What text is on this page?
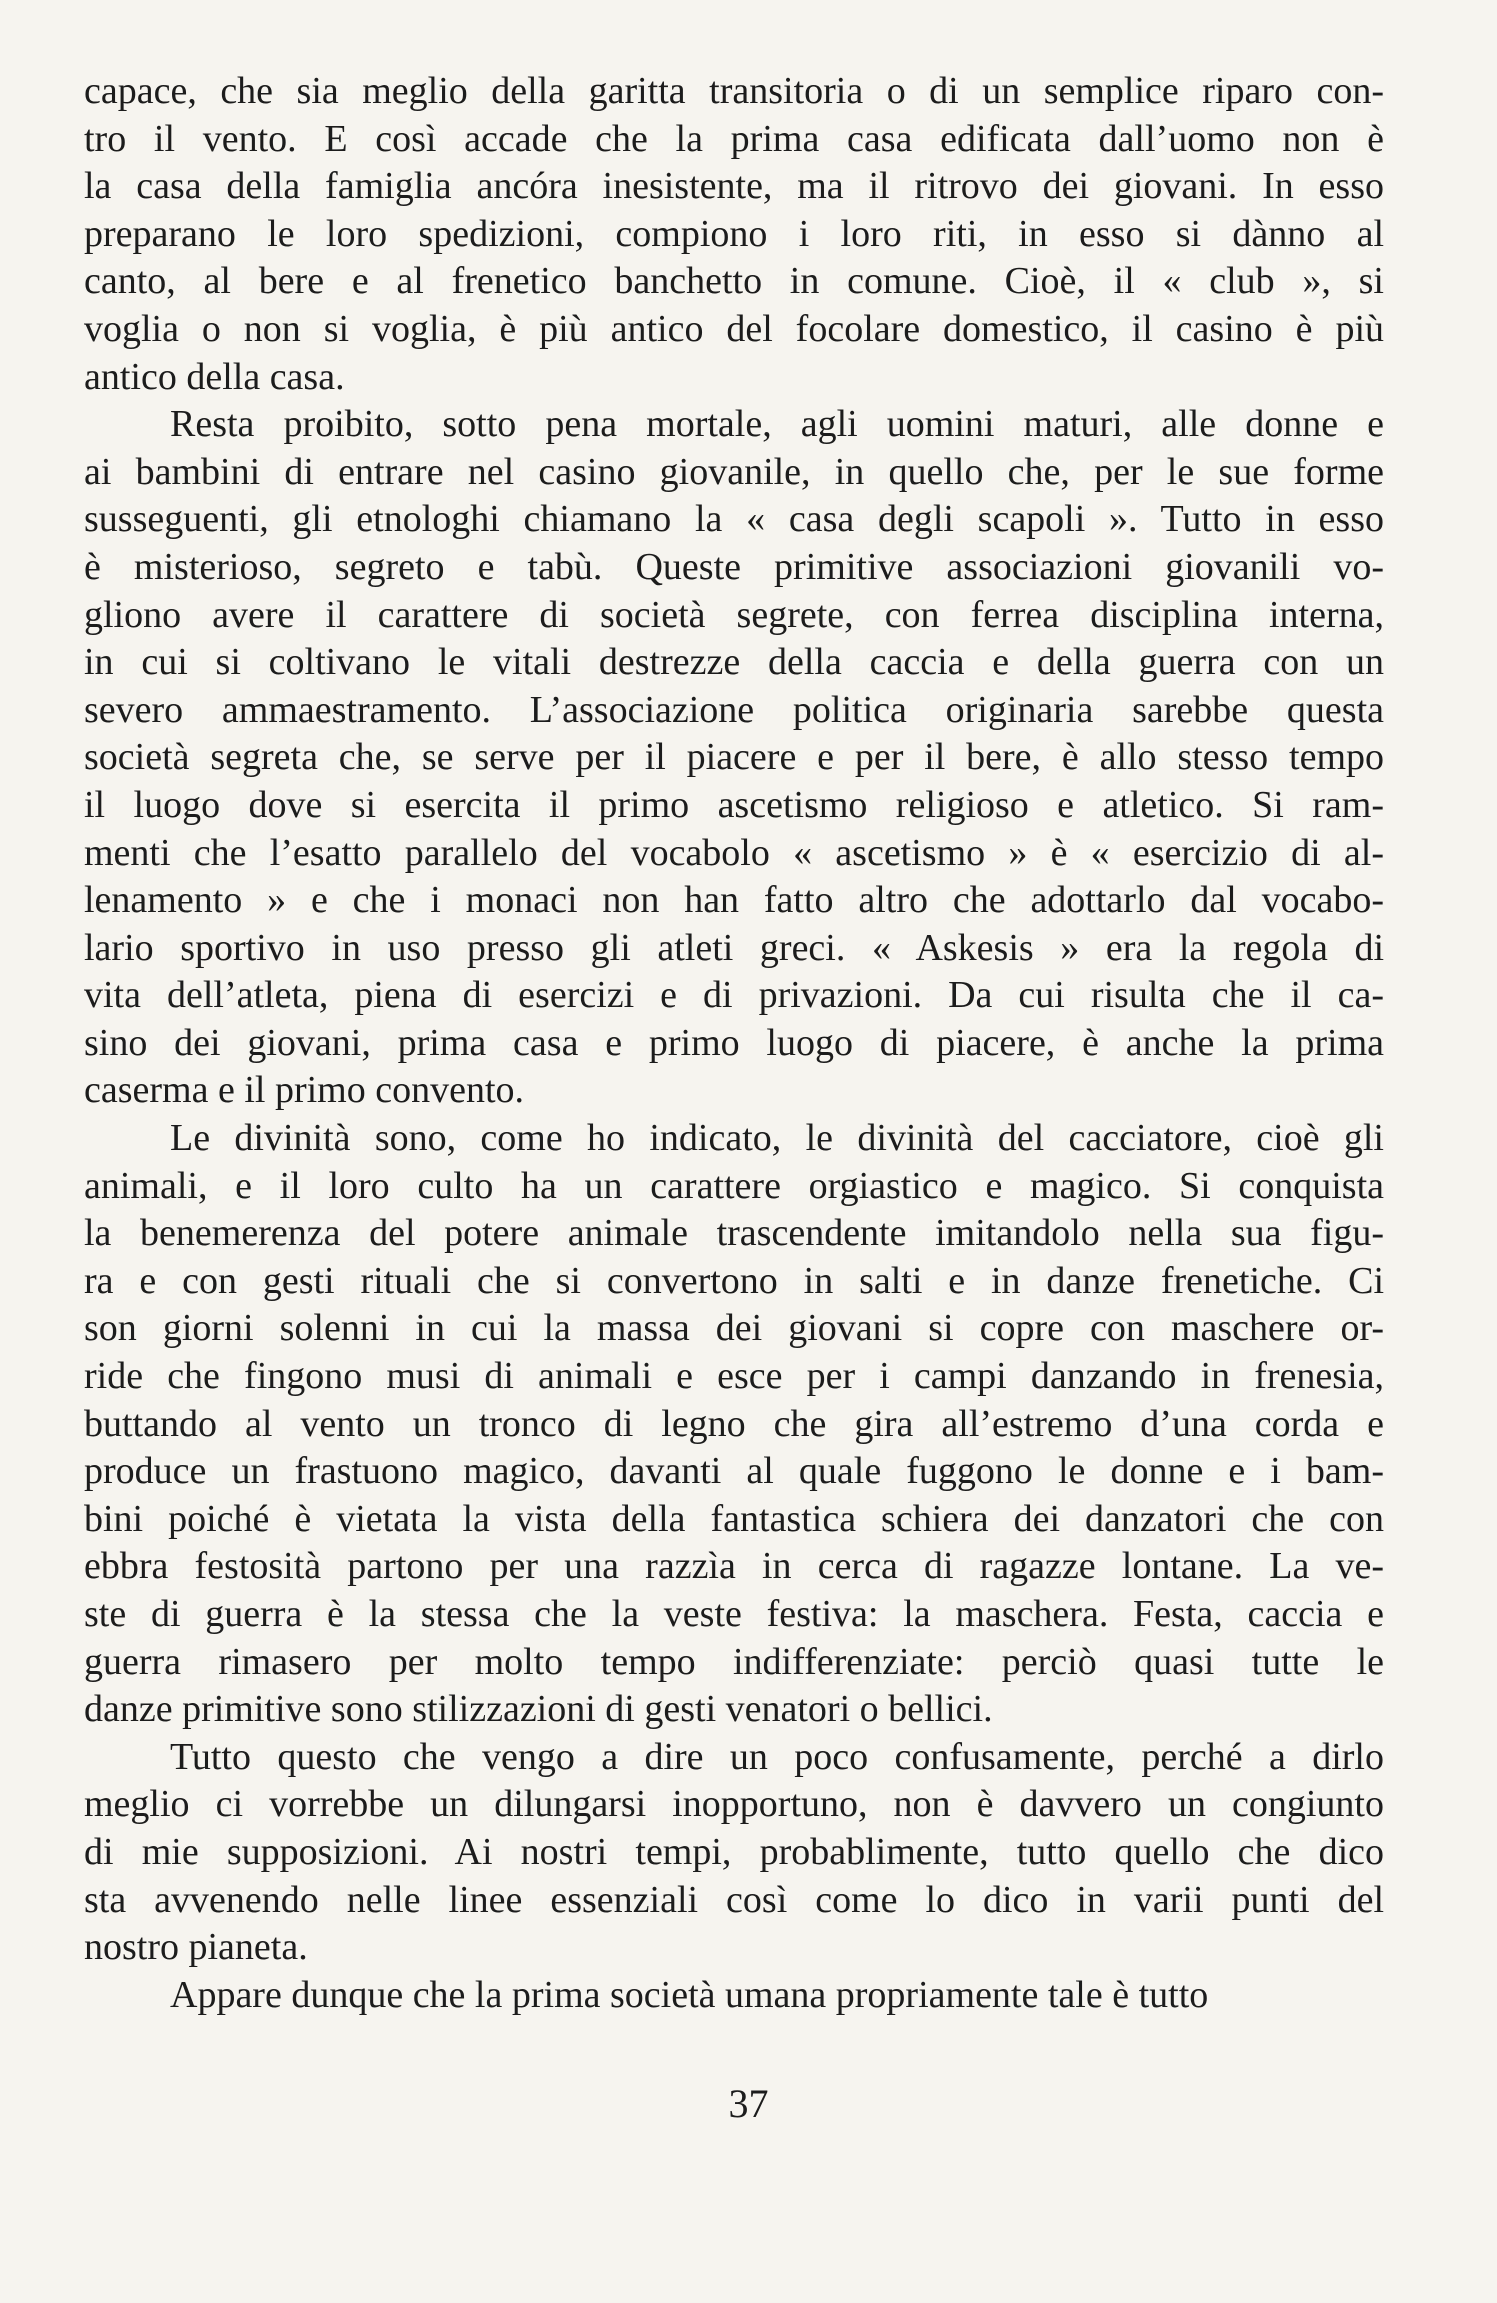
capace, che sia meglio della garitta transitoria o di un semplice riparo con-
tro il vento. E così accade che la prima casa edificata dall’uomo non è
la casa della famiglia ancóra inesistente, ma il ritrovo dei giovani. In esso
preparano le loro spedizioni, compiono i loro riti, in esso si dànno al
canto, al bere e al frenetico banchetto in comune. Cioè, il « club », si
voglia o non si voglia, è più antico del focolare domestico, il casino è più
antico della casa.
Resta proibito, sotto pena mortale, agli uomini maturi, alle donne e
ai bambini di entrare nel casino giovanile, in quello che, per le sue forme
susseguenti, gli etnologhi chiamano la « casa degli scapoli ». Tutto in esso
è misterioso, segreto e tabù. Queste primitive associazioni giovanili vo-
gliono avere il carattere di società segrete, con ferrea disciplina interna,
in cui si coltivano le vitali destrezze della caccia e della guerra con un
severo ammaestramento. L’associazione politica originaria sarebbe questa
società segreta che, se serve per il piacere e per il bere, è allo stesso tempo
il luogo dove si esercita il primo ascetismo religioso e atletico. Si ram-
menti che l’esatto parallelo del vocabolo « ascetismo » è « esercizio di al-
lenamento » e che i monaci non han fatto altro che adottarlo dal vocabo-
lario sportivo in uso presso gli atleti greci. « Askesis » era la regola di
vita dell’atleta, piena di esercizi e di privazioni. Da cui risulta che il ca-
sino dei giovani, prima casa e primo luogo di piacere, è anche la prima
caserma e il primo convento.
Le divinità sono, come ho indicato, le divinità del cacciatore, cioè gli
animali, e il loro culto ha un carattere orgiastico e magico. Si conquista
la benemerenza del potere animale trascendente imitandolo nella sua figu-
ra e con gesti rituali che si convertono in salti e in danze frenetiche. Ci
son giorni solenni in cui la massa dei giovani si copre con maschere or-
ride che fingono musi di animali e esce per i campi danzando in frenesia,
buttando al vento un tronco di legno che gira all’estremo d’una corda e
produce un frastuono magico, davanti al quale fuggono le donne e i bam-
bini poiché è vietata la vista della fantastica schiera dei danzatori che con
ebbra festosità partono per una razzìa in cerca di ragazze lontane. La ve-
ste di guerra è la stessa che la veste festiva: la maschera. Festa, caccia e
guerra rimasero per molto tempo indifferenziate: perciò quasi tutte le
danze primitive sono stilizzazioni di gesti venatori o bellici.
Tutto questo che vengo a dire un poco confusamente, perché a dirlo
meglio ci vorrebbe un dilungarsi inopportuno, non è davvero un congiunto
di mie supposizioni. Ai nostri tempi, probablimente, tutto quello che dico
sta avvenendo nelle linee essenziali così come lo dico in varii punti del
nostro pianeta.
Appare dunque che la prima società umana propriamente tale è tutto
37
